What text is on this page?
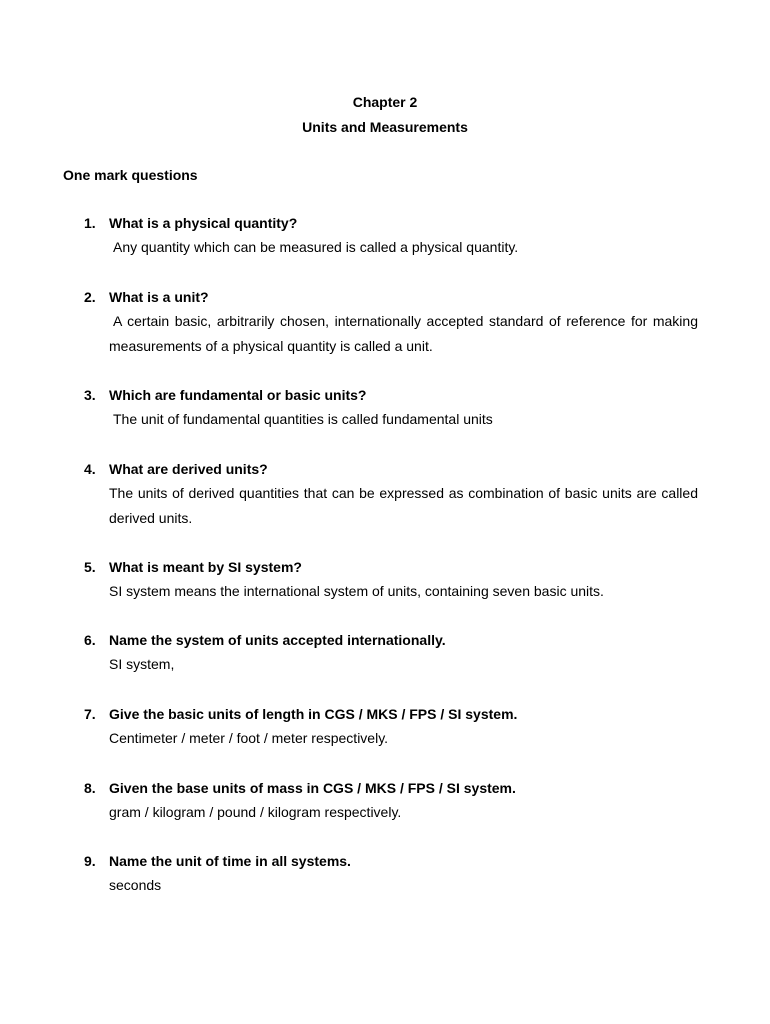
Chapter 2
Units and Measurements
One mark questions
1. What is a physical quantity?
Any quantity which can be measured is called a physical quantity.
2. What is a unit?
A certain basic, arbitrarily chosen, internationally accepted standard of reference for making measurements of a physical quantity is called a unit.
3. Which are fundamental or basic units?
The unit of fundamental quantities is called fundamental units
4. What are derived units?
The units of derived quantities that can be expressed as combination of basic units are called derived units.
5. What is meant by SI system?
SI system means the international system of units, containing seven basic units.
6. Name the system of units accepted internationally.
SI system,
7. Give the basic units of length in CGS / MKS / FPS / SI system.
Centimeter / meter / foot / meter respectively.
8. Given the base units of mass in CGS / MKS / FPS / SI system.
gram / kilogram / pound / kilogram respectively.
9. Name the unit of time in all systems.
seconds
